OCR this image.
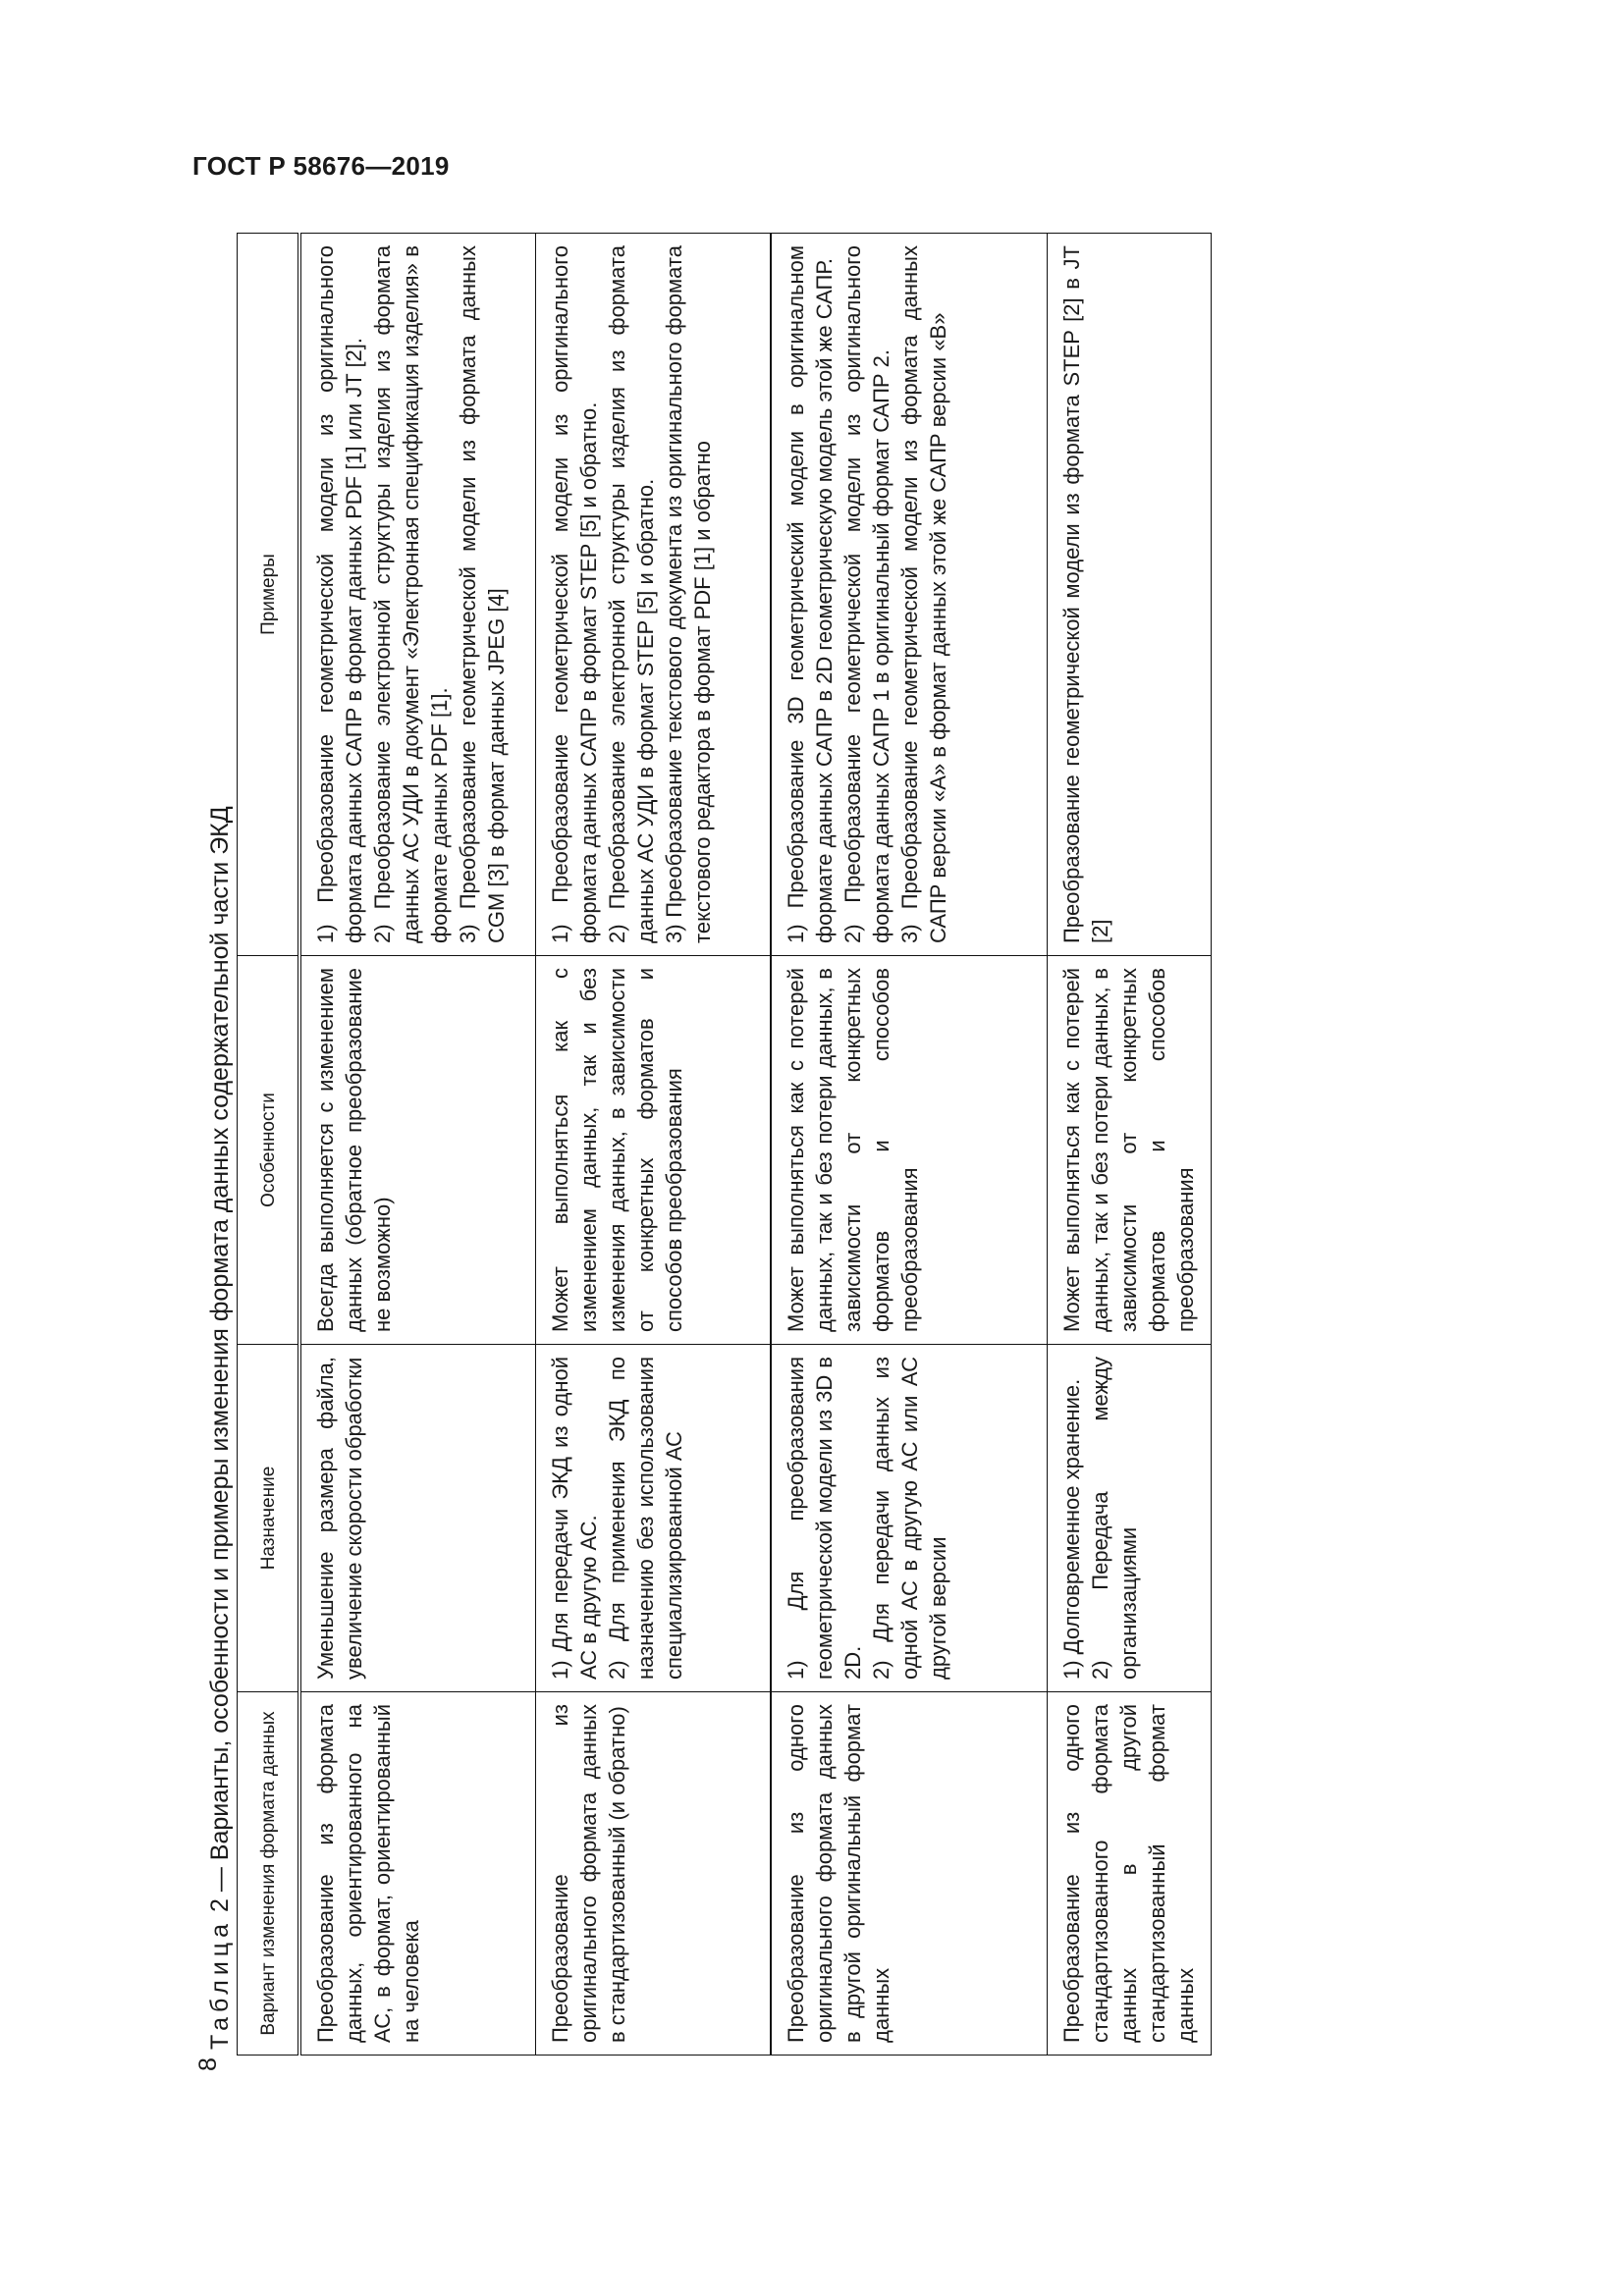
ГОСТ Р 58676—2019
8
Таблица 2 — Варианты, особенности и примеры изменения формата данных содержательной части ЭКД Вариант изменения формата данных	Назначение	Особенности	Примеры

Преобразование из формата данных, ориентированного на АС, в формат, ориентированный на человека	Уменьшение размера файла, увеличение скорости обработки	Всегда выполняется с изменением данных (обратное преобразование не возможно)	1) Преобразование геометрической модели из оригинального формата данных САПР в формат данных PDF [1] или JT [2].
2) Преобразование электронной структуры изделия из формата данных АС УДИ в документ «Электронная спецификация изделия» в формате данных PDF [1].
3) Преобразование геометрической модели из формата данных CGM [3] в формат данных JPEG [4]

Преобразование из оригинального формата данных в стандартизованный (и обратно)	1) Для передачи ЭКД из одной АС в другую АС.
2) Для применения ЭКД по назначению без использования специализированной АС	Может выполняться как с изменением данных, так и без изменения данных, в зависимости от конкретных форматов и способов преобразования	1) Преобразование геометрической модели из оригинального формата данных САПР в формат STEP [5] и обратно.
2) Преобразование электронной структуры изделия из формата данных АС УДИ в формат STEP [5] и обратно.
3) Преобразование текстового документа из оригинального формата текстового редактора в формат PDF [1] и обратно

Преобразование из одного оригинального формата данных в другой оригинальный формат данных	1) Для преобразования геометрической модели из 3D в 2D.
2) Для передачи данных из одной АС в другую АС или АС другой версии	Может выполняться как с потерей данных, так и без потери данных, в зависимости от конкретных форматов и способов преобразования	1) Преобразование 3D геометрический модели в оригинальном формате данных САПР в 2D геометрическую модель этой же САПР.
2) Преобразование геометрической модели из оригинального формата данных САПР 1 в оригинальный формат САПР 2.
3) Преобразование геометрической модели из формата данных САПР версии «А» в формат данных этой же САПР версии «В»

Преобразование из одного стандартизованного формата данных в другой стандартизованный формат данных	1) Долговременное хранение.
2) Передача между организациями	Может выполняться как с потерей данных, так и без потери данных, в зависимости от конкретных форматов и способов преобразования	Преобразование геометрической модели из формата STEP [2] в JT [2]
